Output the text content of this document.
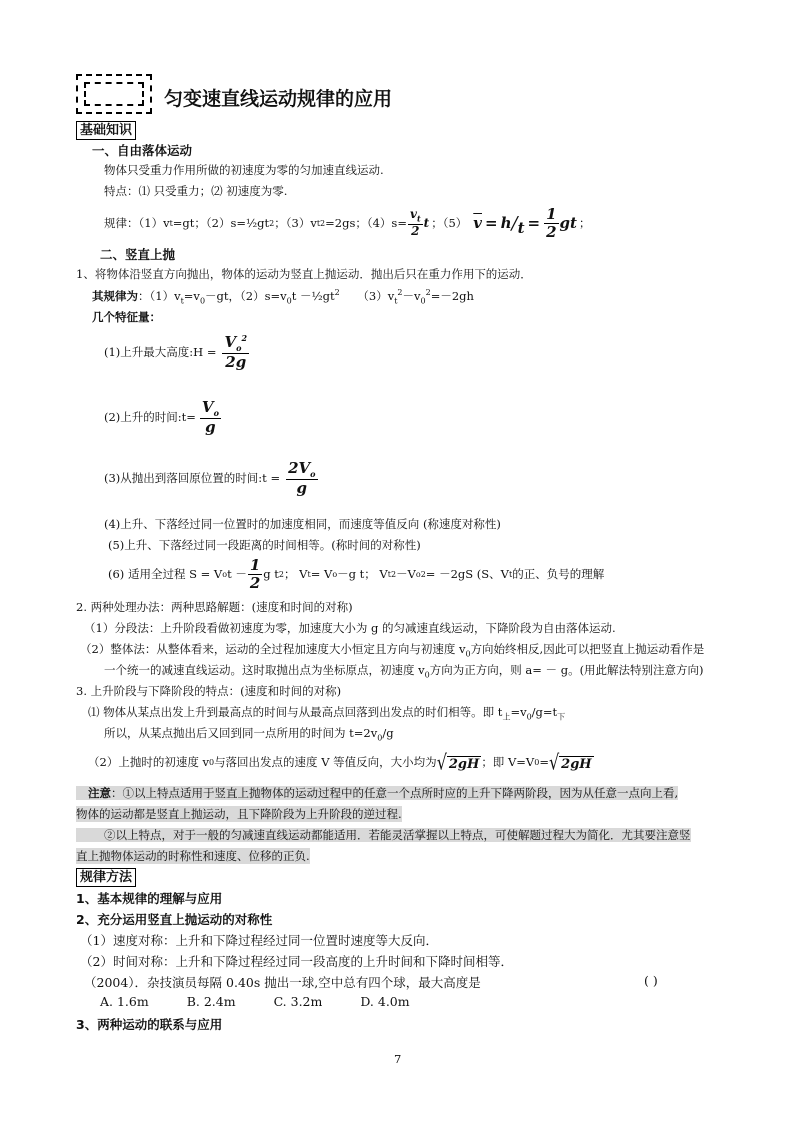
匀变速直线运动规律的应用
基础知识
一、自由落体运动
物体只受重力作用所做的初速度为零的匀加速直线运动.
特点：⑴ 只受重力；⑵ 初速度为零.
规律：（1）v t =gt；（2）s=½gt 2 ；（3）v t 2 =2gs；$(4)s= \frac{v_t}{2}$ t ；（5） $\overline{v} = h / t = \frac{1}{2}$ gt ；
二、竖直上抛
1、将物体沿竖直方向抛出，物体的运动为竖直上抛运动．抛出后只在重力作用下的运动．
其规律为：$(1)v_t=v_0-gt$，$(2)s=v_0t$ $-\frac{1}{2}gt^2$ $(3)v_t^2-v_0^2=-2gh$
几个特征量：
(1)上升最大高度:H = $\frac{V_o^2}{2g}$
(2)上升的时间:t= $\frac{V_o}{g}$
(3)从抛出到落回原位置的时间:t = $\frac{2V_o}{g}$
(4)上升、下落经过同一位置时的加速度相同，而速度等值反向 (称速度对称性)
(5)上升、下落经过同一段距离的时间相等。(称时间的对称性)
(6) 适用全过程 S = V o $t - \frac{1}{2}$ g t 2 ； V t = V o －g t； V t 2 －V o 2 = －2gS (S、V t 的正、负号的理解
2. 两种处理办法：两种思路解题：(速度和时间的对称)
（1）分段法：上升阶段看做初速度为零，加速度大小为 g 的匀减速直线运动，下降阶段为自由落体运动.
（2）整体法：从整体看来，运动的全过程加速度大小恒定且方向与初速度 $v_0$方向始终相反,因此可以把竖直上抛运动看作是
一个统一的减速直线运动。这时取抛出点为坐标原点，初速度 $v_0$方向为正方向，则 a= － g。(用此解法特别注意方向)
3. 上升阶段与下降阶段的特点：(速度和时间的对称)
⑴ 物体从某点出发上升到最高点的时间与从最高点回落到出发点的时们相等。即 $t_上=v_0/g=t_下$
所以，从某点抛出后又回到同一点所用的时间为 $t=2v_0/g$
（2）上抛时的初速度 v 0 与落回出发点的速度 V 等值反向，大小均为 √ 2gH ；即 V=V 0 = √ 2gH
注意：①以上特点适用于竖直上抛物体的运动过程中的任意一个点所时应的上升下降两阶段，因为从任意一点向上看,
物体的运动都是竖直上抛运动，且下降阶段为上升阶段的逆过程.
②以上特点，对于一般的匀减速直线运动都能适用．若能灵活掌握以上特点，可使解题过程大为简化．尤其要注意竖
直上抛物体运动的时称性和速度、位移的正负.
规律方法
1、基本规律的理解与应用
2、充分运用竖直上抛运动的对称性
（1）速度对称：上升和下降过程经过同一位置时速度等大反向．
（2）时间对称：上升和下降过程经过同一段高度的上升时间和下降时间相等．
（2004）．杂技演员每隔 0.40s 抛出一球,空中总有四个球，最大高度是	( )
A. 1.6m	B. 2.4m	C. 3.2m	D. 4.0m
3、两种运动的联系与应用
7
